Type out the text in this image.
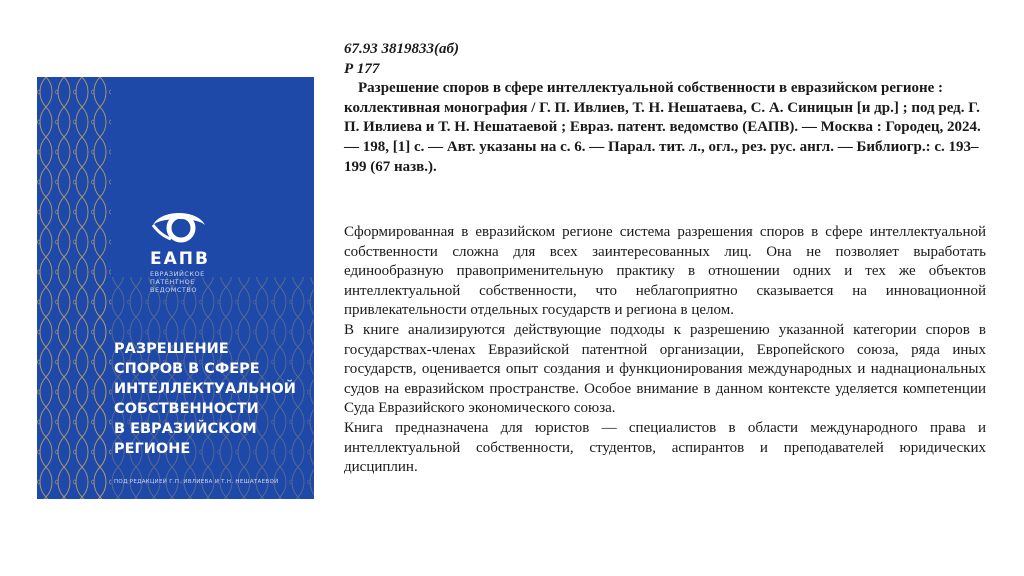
ЕАПВ
ЕВРАЗИЙСКОЕ
ПАТЕНТНОЕ
ВЕДОМСТВО
РАЗРЕШЕНИЕ
СПОРОВ В СФЕРЕ
ИНТЕЛЛЕКТУАЛЬНОЙ
СОБСТВЕННОСТИ
В ЕВРАЗИЙСКОМ
РЕГИОНЕ
ПОД РЕДАКЦИЕЙ Г.П. ИВЛИЕВА И Т.Н. НЕШАТАЕВОЙ
67.93 3819833(аб)
Р 177
Разрешение споров в сфере интеллектуальной собственности в евразийском регионе : коллективная монография / Г. П. Ивлиев, Т. Н. Нешатаева, С. А. Синицын [и др.] ; под ред. Г. П. Ивлиева и Т. Н. Нешатаевой ; Евраз. патент. ведомство (ЕАПВ). — Москва : Городец, 2024. — 198, [1] с. — Авт. указаны на с. 6. — Парал. тит. л., огл., рез. рус. англ. — Библиогр.: с. 193–199 (67 назв.).

Сформированная в евразийском регионе система разрешения споров в сфере интеллектуальной собственности сложна для всех заинтересованных лиц. Она не позволяет выработать единообразную правоприменительную практику в отношении одних и тех же объектов интеллектуальной собственности, что неблагоприятно сказывается на инновационной привлекательности отдельных государств и региона в целом.

В книге анализируются действующие подходы к разрешению указанной категории споров в государствах-членах Евразийской патентной организации, Европейского союза, ряда иных государств, оценивается опыт создания и функционирования международных и наднациональных судов на евразийском пространстве. Особое внимание в данном контексте уделяется компетенции Суда Евразийского экономического союза.

Книга предназначена для юристов — специалистов в области международного права и интеллектуальной собственности, студентов, аспирантов и преподавателей юридических дисциплин.
